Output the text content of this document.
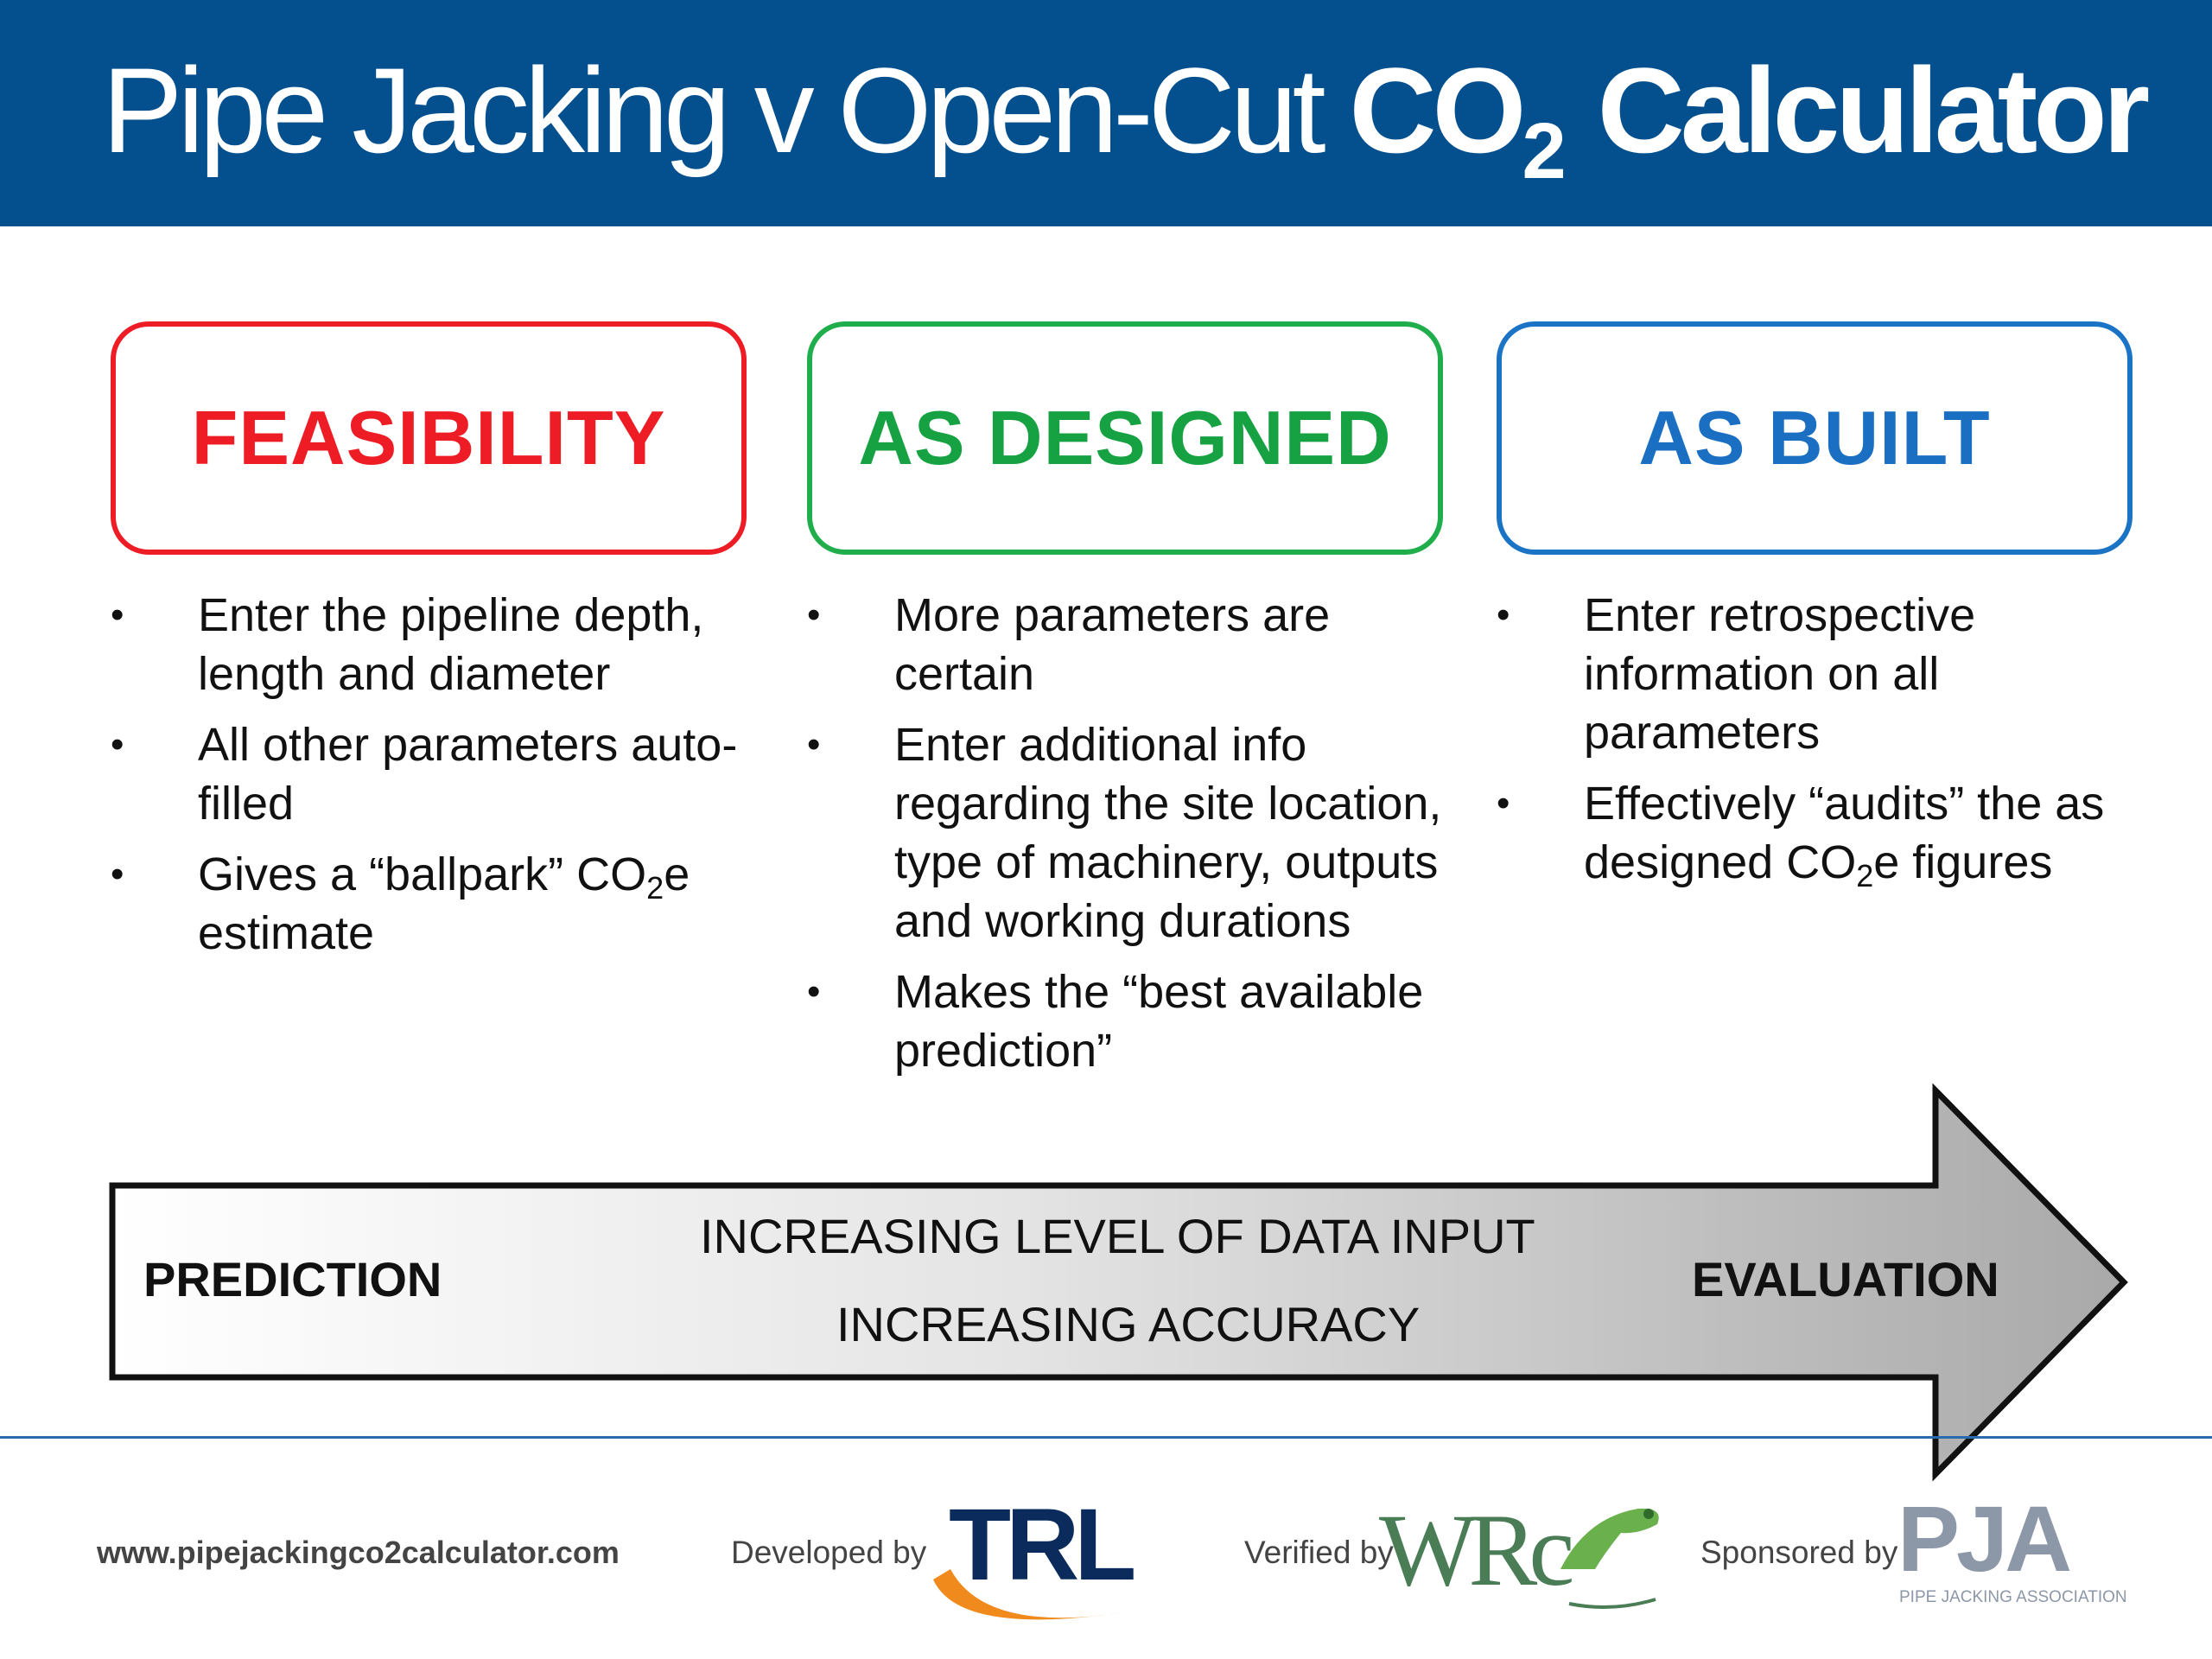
Pipe Jacking v Open-Cut $CO_2$ Calculator
FEASIBILITY	AS DESIGNED	AS BUILT
• Enter the pipeline depth, length and diameter
• All other parameters auto-filled
• Gives a “ballpark” $CO_2e$ estimate
• More parameters are certain
• Enter additional info regarding the site location, type of machinery, outputs and working durations
• Makes the “best available prediction”
• Enter retrospective information on all parameters
• Effectively “audits” the as designed $CO_2e$ figures
PREDICTION
INCREASING LEVEL OF DATA INPUT
INCREASING ACCURACY
EVALUATION
www.pipejackingco2calculator.com	Developed by	Verified by	Sponsored by
TRL WRc	PJA
PIPE JACKING ASSOCIATION
